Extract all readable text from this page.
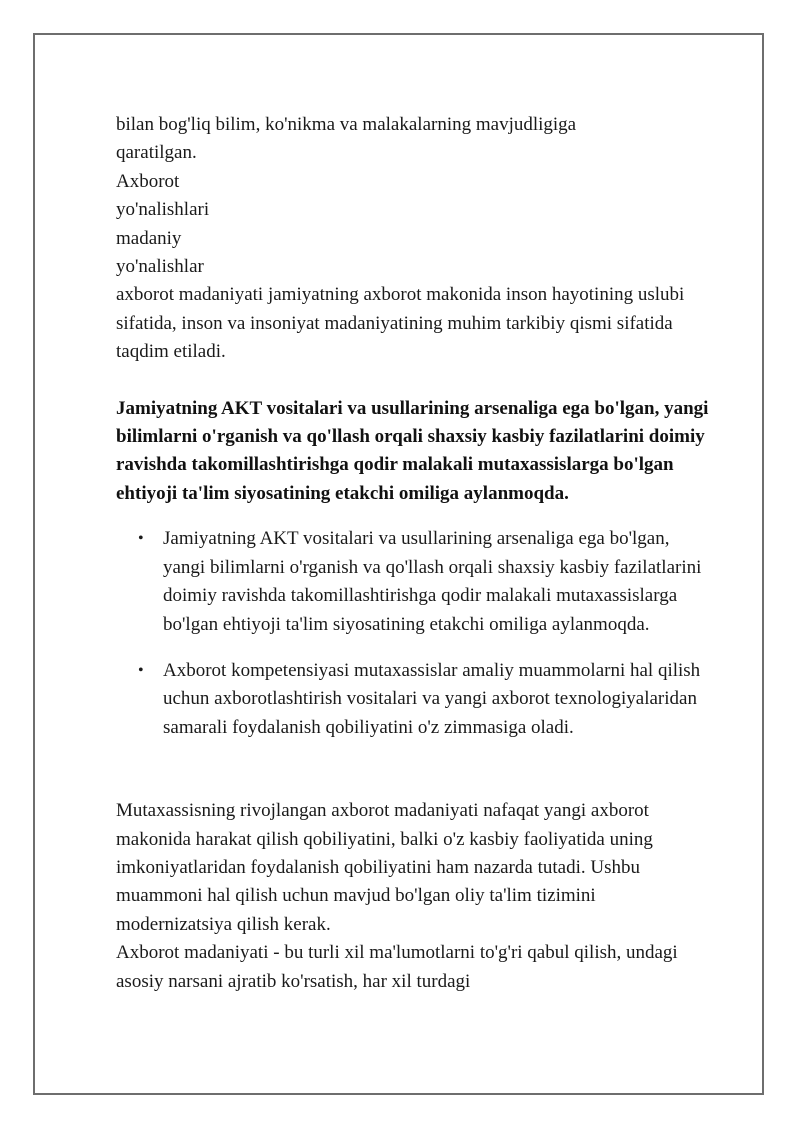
bilan bog'liq bilim, ko'nikma va malakalarning mavjudligiga

qaratilgan.

Axborot

yo'nalishlari

madaniy

yo'nalishlar

axborot madaniyati jamiyatning axborot makonida inson hayotining uslubi sifatida, inson va insoniyat madaniyatining muhim tarkibiy qismi sifatida taqdim etiladi.

Jamiyatning AKT vositalari va usullarining arsenaliga ega bo'lgan, yangi bilimlarni o'rganish va qo'llash orqali shaxsiy kasbiy fazilatlarini doimiy ravishda takomillashtirishga qodir malakali mutaxassislarga bo'lgan ehtiyoji ta'lim siyosatining etakchi omiliga aylanmoqda.

• Jamiyatning AKT vositalari va usullarining arsenaliga ega bo'lgan, yangi bilimlarni o'rganish va qo'llash orqali shaxsiy kasbiy fazilatlarini doimiy ravishda takomillashtirishga qodir malakali mutaxassislarga bo'lgan ehtiyoji ta'lim siyosatining etakchi omiliga aylanmoqda.
• Axborot kompetensiyasi mutaxassislar amaliy muammolarni hal qilish uchun axborotlashtirish vositalari va yangi axborot texnologiyalaridan samarali foydalanish qobiliyatini o'z zimmasiga oladi.

Mutaxassisning rivojlangan axborot madaniyati nafaqat yangi axborot makonida harakat qilish qobiliyatini, balki o'z kasbiy faoliyatida uning imkoniyatlaridan foydalanish qobiliyatini ham nazarda tutadi. Ushbu muammoni hal qilish uchun mavjud bo'lgan oliy ta'lim tizimini modernizatsiya qilish kerak.

Axborot madaniyati - bu turli xil ma'lumotlarni to'g'ri qabul qilish, undagi asosiy narsani ajratib ko'rsatish, har xil turdagi
